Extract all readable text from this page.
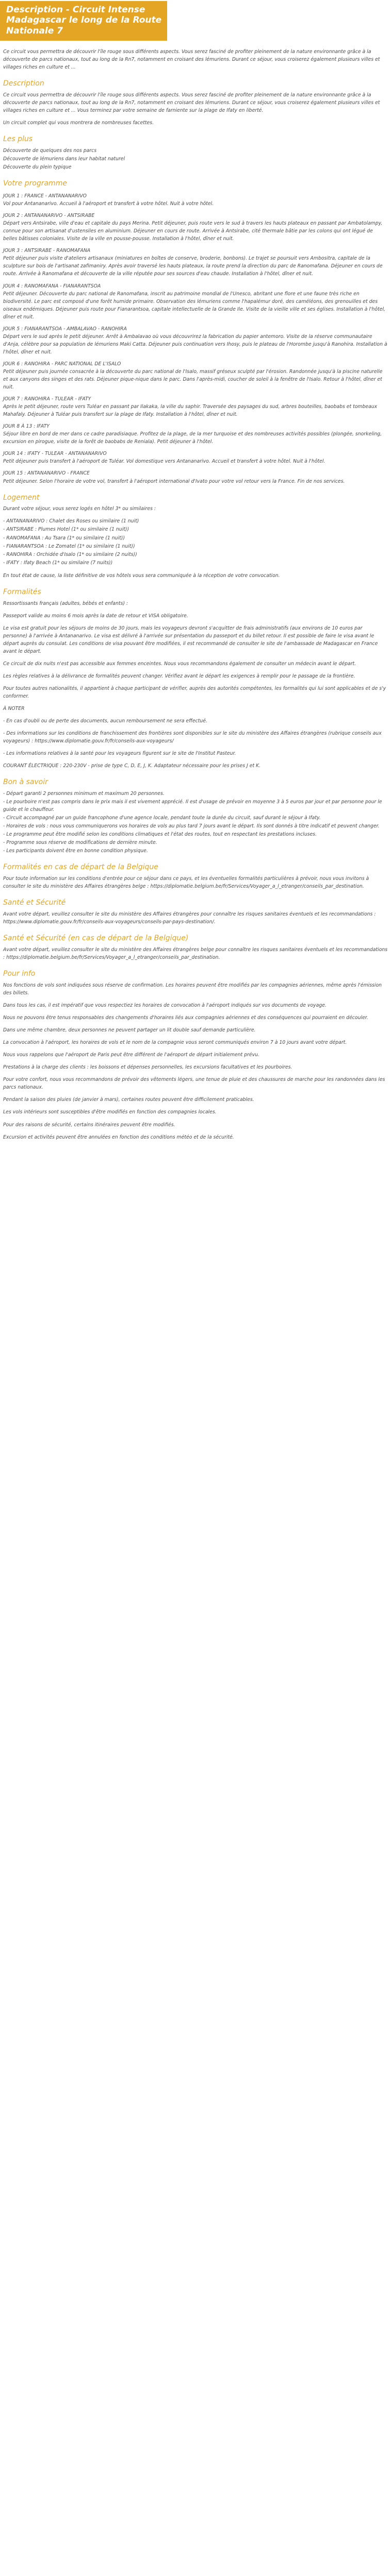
Description - Circuit Intense Madagascar le long de la Route Nationale 7

Ce circuit vous permettra de découvrir l'île rouge sous différents aspects. Vous serez fasciné de profiter pleinement de la nature environnante grâce à la découverte de parcs nationaux, tout au long de la Rn7, notamment en croisant des lémuriens. Durant ce séjour, vous croiserez également plusieurs villes et villages riches en culture et ...

Description

Ce circuit vous permettra de découvrir l'île rouge sous différents aspects. Vous serez fasciné de profiter pleinement de la nature environnante grâce à la découverte de parcs nationaux, tout au long de la Rn7, notamment en croisant des lémuriens. Durant ce séjour, vous croiserez également plusieurs villes et villages riches en culture et ... Vous terminez par votre semaine de farniente sur la plage de Ifaty en liberté.

Un circuit complet qui vous montrera de nombreuses facettes.

Les plus
Découverte de quelques des nos parcs
Découverte de lémuriens dans leur habitat naturel
Découverte du plein typique
Votre programme

JOUR 1 : FRANCE - ANTANANARIVO

Vol pour Antananarivo. Accueil à l'aéroport et transfert à votre hôtel. Nuit à votre hôtel.

JOUR 2 : ANTANANARIVO - ANTSIRABE

Départ vers Antsirabe, ville d'eau et capitale du pays Merina. Petit déjeuner, puis route vers le sud à travers les hauts plateaux en passant par Ambatolampy, connue pour son artisanat d'ustensiles en aluminium. Déjeuner en cours de route. Arrivée à Antsirabe, cité thermale bâtie par les colons qui ont légué de belles bâtisses coloniales. Visite de la ville en pousse-pousse. Installation à l'hôtel, dîner et nuit.

JOUR 3 : ANTSIRABE - RANOMAFANA

Petit déjeuner puis visite d'ateliers artisanaux (miniatures en boîtes de conserve, broderie, bonbons). Le trajet se poursuit vers Ambositra, capitale de la sculpture sur bois de l'artisanat zafimaniry. Après avoir traversé les hauts plateaux, la route prend la direction du parc de Ranomafana. Déjeuner en cours de route. Arrivée à Ranomafana et découverte de la ville réputée pour ses sources d'eau chaude. Installation à l'hôtel, dîner et nuit.

JOUR 4 : RANOMAFANA - FIANARANTSOA

Petit déjeuner. Découverte du parc national de Ranomafana, inscrit au patrimoine mondial de l'Unesco, abritant une flore et une faune très riche en biodiversité. Le parc est composé d'une forêt humide primaire. Observation des lémuriens comme l'hapalémur doré, des caméléons, des grenouilles et des oiseaux endémiques. Déjeuner puis route pour Fianarantsoa, capitale intellectuelle de la Grande Ile. Visite de la vieille ville et ses églises. Installation à l'hôtel, dîner et nuit.

JOUR 5 : FIANARANTSOA - AMBALAVAO - RANOHIRA

Départ vers le sud après le petit déjeuner. Arrêt à Ambalavao où vous découvrirez la fabrication du papier antemoro. Visite de la réserve communautaire d'Anja, célèbre pour sa population de lémuriens Maki Catta. Déjeuner puis continuation vers Ihosy, puis le plateau de l'Horombe jusqu'à Ranohira. Installation à l'hôtel, dîner et nuit.

JOUR 6 : RANOHIRA - PARC NATIONAL DE L'ISALO

Petit déjeuner puis journée consacrée à la découverte du parc national de l'Isalo, massif gréseux sculpté par l'érosion. Randonnée jusqu'à la piscine naturelle et aux canyons des singes et des rats. Déjeuner pique-nique dans le parc. Dans l'après-midi, coucher de soleil à la fenêtre de l'Isalo. Retour à l'hôtel, dîner et nuit.

JOUR 7 : RANOHIRA - TULEAR - IFATY

Après le petit déjeuner, route vers Tuléar en passant par Ilakaka, la ville du saphir. Traversée des paysages du sud, arbres bouteilles, baobabs et tombeaux Mahafaly. Déjeuner à Tuléar puis transfert sur la plage de Ifaty. Installation à l'hôtel, dîner et nuit.

JOUR 8 À 13 : IFATY

Séjour libre en bord de mer dans ce cadre paradisiaque. Profitez de la plage, de la mer turquoise et des nombreuses activités possibles (plongée, snorkeling, excursion en pirogue, visite de la forêt de baobabs de Reniala). Petit déjeuner à l'hôtel.

JOUR 14 : IFATY - TULEAR - ANTANANARIVO

Petit déjeuner puis transfert à l'aéroport de Tuléar. Vol domestique vers Antananarivo. Accueil et transfert à votre hôtel. Nuit à l'hôtel.

JOUR 15 : ANTANANARIVO - FRANCE

Petit déjeuner. Selon l'horaire de votre vol, transfert à l'aéroport international d'Ivato pour votre vol retour vers la France. Fin de nos services.

Logement

Durant votre séjour, vous serez logés en hôtel 3* ou similaires :

- ANTANANARIVO : Chalet des Roses ou similaire (1 nuit)
- ANTSIRABE : Plumes Hotel (1* ou similaire (1 nuit))
- RANOMAFANA : Au Tsara (1* ou similaire (1 nuit))
- FIANARANTSOA : Le Zomatel (1* ou similaire (1 nuit))
- RANOHIRA : Orchidée d'Isalo (1* ou similaire (2 nuits))
- IFATY : Ifaty Beach (1* ou similaire (7 nuits))

En tout état de cause, la liste définitive de vos hôtels vous sera communiquée à la réception de votre convocation.

Formalités

Ressortissants français (adultes, bébés et enfants) :

Passeport valide au moins 6 mois après la date de retour et VISA obligatoire.

Le visa est gratuit pour les séjours de moins de 30 jours, mais les voyageurs devront s'acquitter de frais administratifs (aux environs de 10 euros par personne) à l'arrivée à Antananarivo. Le visa est délivré à l'arrivée sur présentation du passeport et du billet retour. Il est possible de faire le visa avant le départ auprès du consulat. Les conditions de visa pouvant être modifiées, il est recommandé de consulter le site de l'ambassade de Madagascar en France avant le départ.

Ce circuit de dix nuits n'est pas accessible aux femmes enceintes. Nous vous recommandons également de consulter un médecin avant le départ.

Les règles relatives à la délivrance de formalités peuvent changer. Vérifiez avant le départ les exigences à remplir pour le passage de la frontière.

Pour toutes autres nationalités, il appartient à chaque participant de vérifier, auprès des autorités compétentes, les formalités qui lui sont applicables et de s'y conformer.

À NOTER

- En cas d'oubli ou de perte des documents, aucun remboursement ne sera effectué.

- Des informations sur les conditions de franchissement des frontières sont disponibles sur le site du ministère des Affaires étrangères (rubrique conseils aux voyageurs) : https://www.diplomatie.gouv.fr/fr/conseils-aux-voyageurs/

- Les informations relatives à la santé pour les voyageurs figurent sur le site de l'Institut Pasteur.

COURANT ÉLECTRIQUE : 220-230V - prise de type C, D, E, J, K. Adaptateur nécessaire pour les prises J et K.

Bon à savoir
- Départ garanti 2 personnes minimum et maximum 20 personnes.
- Le pourboire n'est pas compris dans le prix mais il est vivement apprécié. Il est d'usage de prévoir en moyenne 3 à 5 euros par jour et par personne pour le guide et le chauffeur.
- Circuit accompagné par un guide francophone d'une agence locale, pendant toute la durée du circuit, sauf durant le séjour à Ifaty.
- Horaires de vols : nous vous communiquerons vos horaires de vols au plus tard 7 jours avant le départ. Ils sont donnés à titre indicatif et peuvent changer.
- Le programme peut être modifié selon les conditions climatiques et l'état des routes, tout en respectant les prestations incluses.
- Programme sous réserve de modifications de dernière minute.
- Les participants doivent être en bonne condition physique.
Formalités en cas de départ de la Belgique

Pour toute information sur les conditions d'entrée pour ce séjour dans ce pays, et les éventuelles formalités particulières à prévoir, nous vous invitons à consulter le site du ministère des Affaires étrangères belge : https://diplomatie.belgium.be/fr/Services/Voyager_a_l_etranger/conseils_par_destination.

Santé et Sécurité

Avant votre départ, veuillez consulter le site du ministère des Affaires étrangères pour connaître les risques sanitaires éventuels et les recommandations : https://www.diplomatie.gouv.fr/fr/conseils-aux-voyageurs/conseils-par-pays-destination/.

Santé et Sécurité (en cas de départ de la Belgique)

Avant votre départ, veuillez consulter le site du ministère des Affaires étrangères belge pour connaître les risques sanitaires éventuels et les recommandations : https://diplomatie.belgium.be/fr/Services/Voyager_a_l_etranger/conseils_par_destination.

Pour info

Nos fonctions de vols sont indiquées sous réserve de confirmation. Les horaires peuvent être modifiés par les compagnies aériennes, même après l'émission des billets.

Dans tous les cas, il est impératif que vous respectiez les horaires de convocation à l'aéroport indiqués sur vos documents de voyage.

Nous ne pouvons être tenus responsables des changements d'horaires liés aux compagnies aériennes et des conséquences qui pourraient en découler.

Dans une même chambre, deux personnes ne peuvent partager un lit double sauf demande particulière.

La convocation à l'aéroport, les horaires de vols et le nom de la compagnie vous seront communiqués environ 7 à 10 jours avant votre départ.

Nous vous rappelons que l'aéroport de Paris peut être différent de l'aéroport de départ initialement prévu.

Prestations à la charge des clients : les boissons et dépenses personnelles, les excursions facultatives et les pourboires.

Pour votre confort, nous vous recommandons de prévoir des vêtements légers, une tenue de pluie et des chaussures de marche pour les randonnées dans les parcs nationaux.

Pendant la saison des pluies (de janvier à mars), certaines routes peuvent être difficilement praticables.

Les vols intérieurs sont susceptibles d'être modifiés en fonction des compagnies locales.

Pour des raisons de sécurité, certains itinéraires peuvent être modifiés.

Excursion et activités peuvent être annulées en fonction des conditions météo et de la sécurité.
